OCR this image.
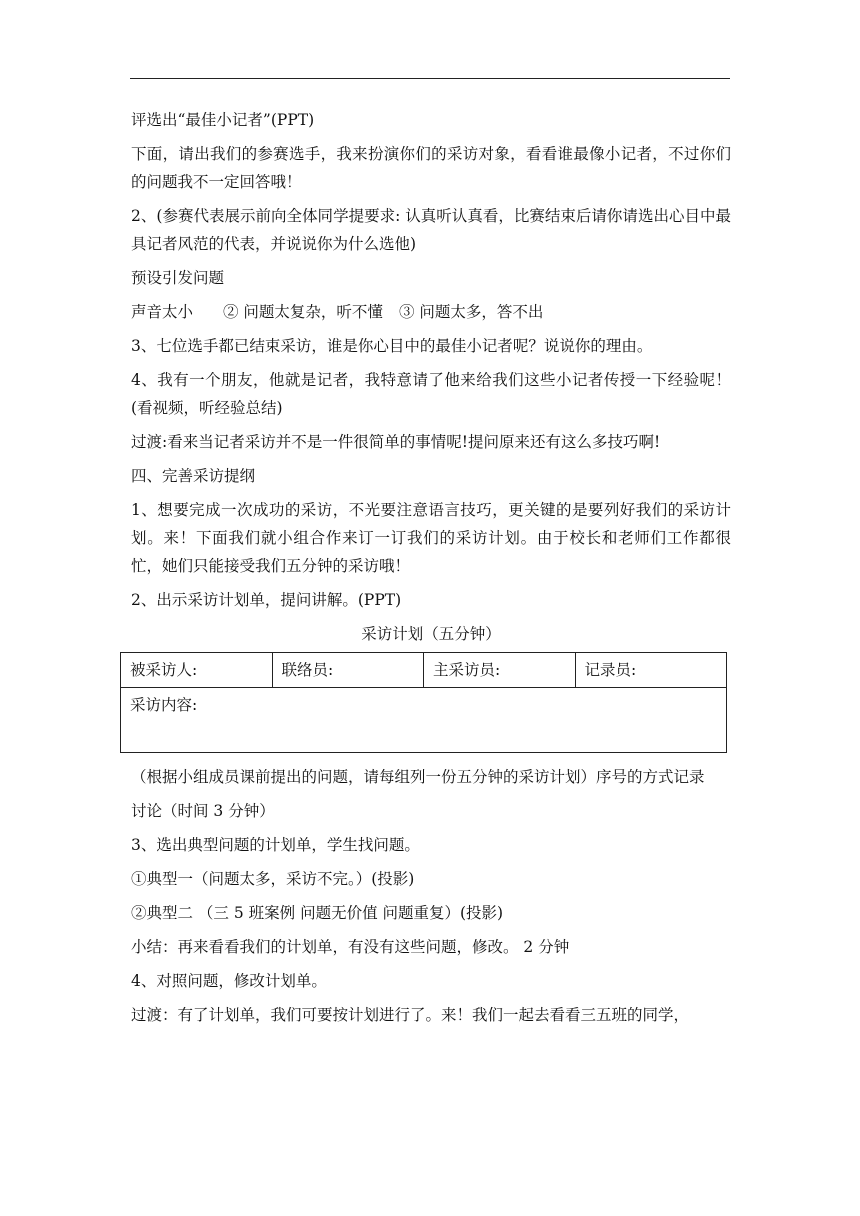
评选出“最佳小记者”(PPT)

下面，请出我们的参赛选手，我来扮演你们的采访对象，看看谁最像小记者，不过你们的问题我不一定回答哦！

2、(参赛代表展示前向全体同学提要求: 认真听认真看，比赛结束后请你请选出心目中最具记者风范的代表，并说说你为什么选他)

预设引发问题

声音太小	② 问题太复杂，听不懂	③ 问题太多，答不出

3、七位选手都已结束采访，谁是你心目中的最佳小记者呢？说说你的理由。

4、我有一个朋友，他就是记者，我特意请了他来给我们这些小记者传授一下经验呢！(看视频，听经验总结)

过渡:看来当记者采访并不是一件很简单的事情呢!提问原来还有这么多技巧啊!

四、完善采访提纲

1、想要完成一次成功的采访，不光要注意语言技巧，更关键的是要列好我们的采访计划。来！下面我们就小组合作来订一订我们的采访计划。由于校长和老师们工作都很忙，她们只能接受我们五分钟的采访哦！

2、出示采访计划单，提问讲解。(PPT)

采访计划（五分钟）

被采访人:	联络员:	主采访员:	记录员:
采访内容:

（根据小组成员课前提出的问题，请每组列一份五分钟的采访计划）序号的方式记录

讨论（时间 3 分钟）

3、选出典型问题的计划单，学生找问题。

①典型一（问题太多，采访不完。）(投影)

②典型二 （三 5 班案例 问题无价值 问题重复）(投影)

小结：再来看看我们的计划单，有没有这些问题，修改。 2 分钟

4、对照问题，修改计划单。

过渡：有了计划单，我们可要按计划进行了。来！我们一起去看看三五班的同学，
